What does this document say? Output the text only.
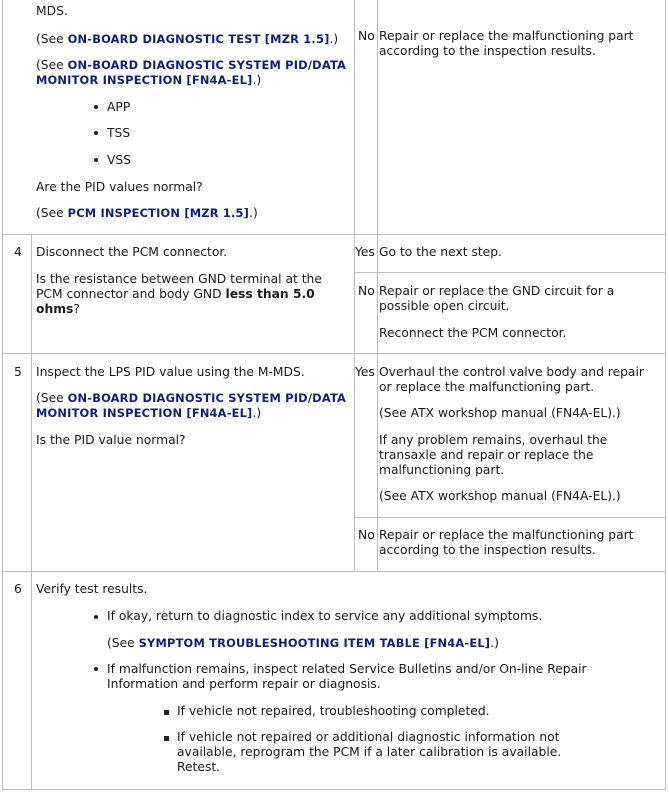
MDS.
(See ON-BOARD DIAGNOSTIC TEST [MZR 1.5].)
(See ON-BOARD DIAGNOSTIC SYSTEM PID/DATA
MONITOR INSPECTION [FN4A-EL].)
APP
TSS
VSS
Are the PID values normal?
(See PCM INSPECTION [MZR 1.5].)
No Repair or replace the malfunctioning part
according to the inspection results.
4 Disconnect the PCM connector.
Is the resistance between GND terminal at the
PCM connector and body GND less than 5.0
ohms?
Yes Go to the next step.
No Repair or replace the GND circuit for a
possible open circuit.
Reconnect the PCM connector.
5 Inspect the LPS PID value using the M-MDS.
(See ON-BOARD DIAGNOSTIC SYSTEM PID/DATA
MONITOR INSPECTION [FN4A-EL].)
Is the PID value normal?
Yes Overhaul the control valve body and repair
or replace the malfunctioning part.
(See ATX workshop manual (FN4A-EL).)
If any problem remains, overhaul the
transaxle and repair or replace the
malfunctioning part.
(See ATX workshop manual (FN4A-EL).)
No Repair or replace the malfunctioning part
according to the inspection results.
6 Verify test results.
If okay, return to diagnostic index to service any additional symptoms.
(See SYMPTOM TROUBLESHOOTING ITEM TABLE [FN4A-EL].)
If malfunction remains, inspect related Service Bulletins and/or On-line Repair
Information and perform repair or diagnosis.
If vehicle not repaired, troubleshooting completed.
If vehicle not repaired or additional diagnostic information not
available, reprogram the PCM if a later calibration is available.
Retest.
